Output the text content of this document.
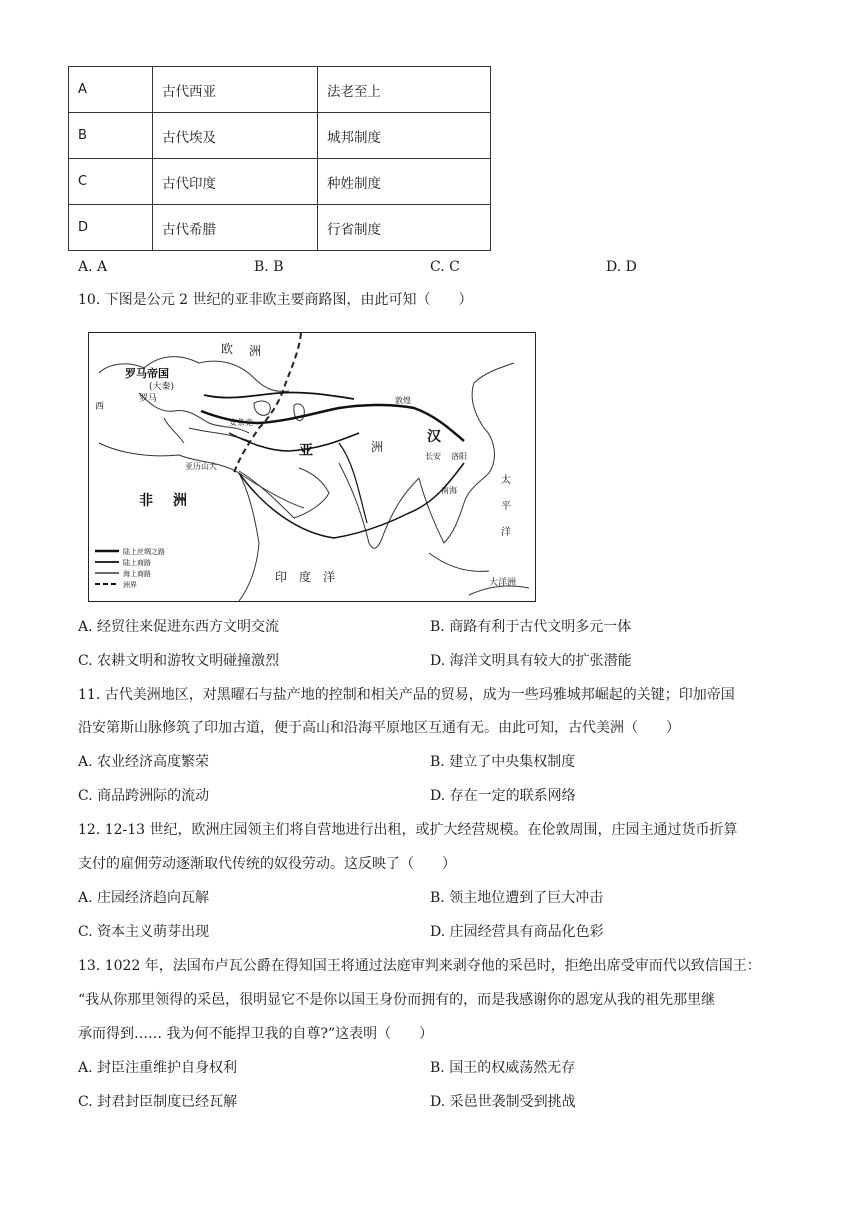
A	古代西亚	法老至上
B	古代埃及	城邦制度
C	古代印度	种姓制度
D	古代希腊	行省制度
A. A	B. B	C. C	D. D
10. 下图是公元 2 世纪的亚非欧主要商路图，由此可知（　　）
欧 洲
罗马帝国
(大秦)
罗马
安条克
亚历山大
非 洲
亚	洲
敦煌
汉
长安 洛阳
南海
太
平
洋
印　度　洋	大洋洲
西
陆上丝绸之路
陆上商路
海上商路
洲界
A. 经贸往来促进东西方文明交流	B. 商路有利于古代文明多元一体
C. 农耕文明和游牧文明碰撞激烈	D. 海洋文明具有较大的扩张潜能
11. 古代美洲地区，对黑曜石与盐产地的控制和相关产品的贸易，成为一些玛雅城邦崛起的关键；印加帝国
沿安第斯山脉修筑了印加古道，便于高山和沿海平原地区互通有无。由此可知，古代美洲（　　）
A. 农业经济高度繁荣	B. 建立了中央集权制度
C. 商品跨洲际的流动	D. 存在一定的联系网络
12. 12-13 世纪，欧洲庄园领主们将自营地进行出租，或扩大经营规模。在伦敦周围，庄园主通过货币折算
支付的雇佣劳动逐渐取代传统的奴役劳动。这反映了（　　）
A. 庄园经济趋向瓦解	B. 领主地位遭到了巨大冲击
C. 资本主义萌芽出现	D. 庄园经营具有商品化色彩
13. 1022 年，法国布卢瓦公爵在得知国王将通过法庭审判来剥夺他的采邑时，拒绝出席受审而代以致信国王：
“我从你那里领得的采邑，很明显它不是你以国王身份而拥有的，而是我感谢你的恩宠从我的祖先那里继
承而得到…… 我为何不能捍卫我的自尊?”这表明（　　）
A. 封臣注重维护自身权利	B. 国王的权威荡然无存
C. 封君封臣制度已经瓦解	D. 采邑世袭制受到挑战
